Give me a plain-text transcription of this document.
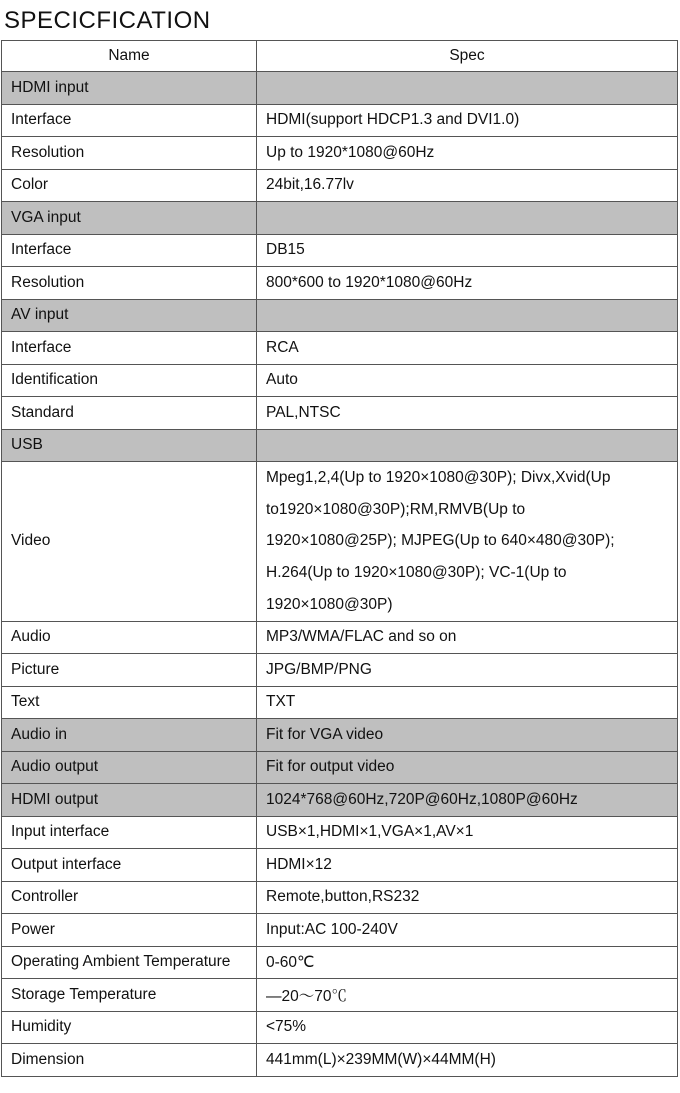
SPECICFICATION
Name	Spec
HDMI input	
Interface	HDMI(support HDCP1.3 and DVI1.0)
Resolution	Up to 1920*1080@60Hz
Color	24bit,16.77lv
VGA input	
Interface	DB15
Resolution	800*600 to 1920*1080@60Hz
AV input	
Interface	RCA
Identification	Auto
Standard	PAL,NTSC
USB	
Video	Mpeg1,2,4(Up to 1920×1080@30P); Divx,Xvid(Up
to1920×1080@30P);RM,RMVB(Up to
1920×1080@25P); MJPEG(Up to 640×480@30P);
H.264(Up to 1920×1080@30P); VC-1(Up to
1920×1080@30P)

Audio	MP3/WMA/FLAC and so on
Picture	JPG/BMP/PNG
Text	TXT
Audio in	Fit for VGA video
Audio output	Fit for output video
HDMI output	1024*768@60Hz,720P@60Hz,1080P@60Hz
Input interface	USB×1,HDMI×1,VGA×1,AV×1
Output interface	HDMI×12
Controller	Remote,button,RS232
Power	Input:AC 100-240V
Operating Ambient Temperature	0-60℃
Storage Temperature	—20～70℃
Humidity	<75%
Dimension	441mm(L)×239MM(W)×44MM(H)
